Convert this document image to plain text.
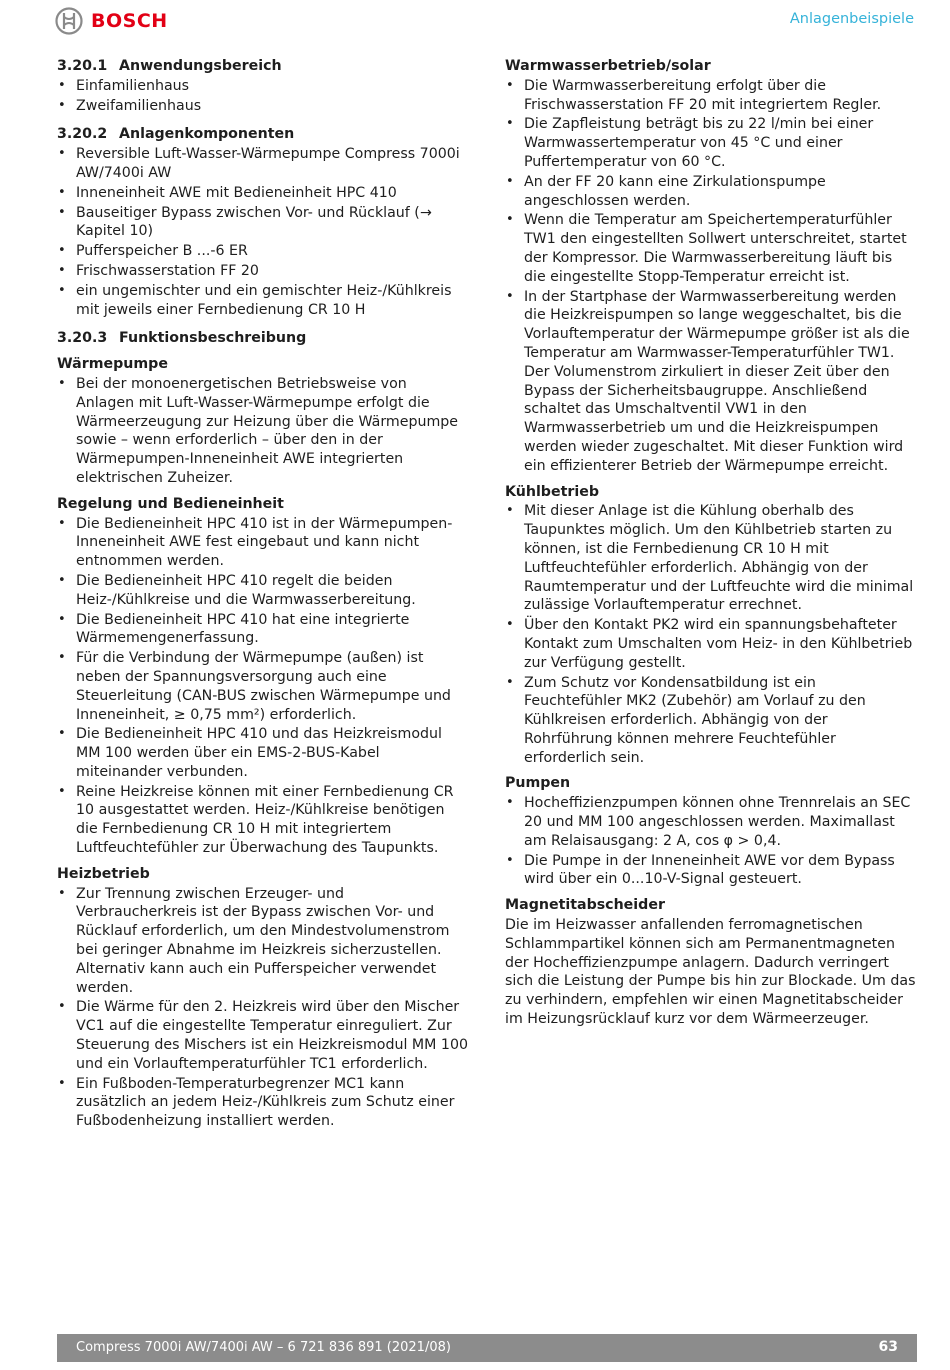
BOSCH	Anlagenbeispiele
3.20.1 Anwendungsbereich
• Einfamilienhaus
• Zweifamilienhaus
3.20.2 Anlagenkomponenten
• Reversible Luft-Wasser-Wärmepumpe Compress 7000i AW/7400i AW
• Inneneinheit AWE mit Bedieneinheit HPC 410
• Bauseitiger Bypass zwischen Vor- und Rücklauf (→ Kapitel 10)
• Pufferspeicher B ...-6 ER
• Frischwasserstation FF 20
• ein ungemischter und ein gemischter Heiz-/Kühlkreis mit jeweils einer Fernbedienung CR 10 H
3.20.3 Funktionsbeschreibung
Wärmepumpe
• Bei der monoenergetischen Betriebsweise von Anlagen mit Luft-Wasser-Wärmepumpe erfolgt die Wärmeerzeugung zur Heizung über die Wärmepumpe sowie – wenn erforderlich – über den in der Wärmepumpen-Inneneinheit AWE integrierten elektrischen Zuheizer.
Regelung und Bedieneinheit
• Die Bedieneinheit HPC 410 ist in der Wärmepumpen-Inneneinheit AWE fest eingebaut und kann nicht entnommen werden.
• Die Bedieneinheit HPC 410 regelt die beiden Heiz-/Kühlkreise und die Warmwasserbereitung.
• Die Bedieneinheit HPC 410 hat eine integrierte Wärmemengenerfassung.
• Für die Verbindung der Wärmepumpe (außen) ist neben der Spannungsversorgung auch eine Steuerleitung (CAN-BUS zwischen Wärmepumpe und Inneneinheit, ≥ 0,75 mm²) erforderlich.
• Die Bedieneinheit HPC 410 und das Heizkreismodul MM 100 werden über ein EMS-2-BUS-Kabel miteinander verbunden.
• Reine Heizkreise können mit einer Fernbedienung CR 10 ausgestattet werden. Heiz-/Kühlkreise benötigen die Fernbedienung CR 10 H mit integriertem Luftfeuchtefühler zur Überwachung des Taupunkts.
Heizbetrieb
• Zur Trennung zwischen Erzeuger- und Verbraucherkreis ist der Bypass zwischen Vor- und Rücklauf erforderlich, um den Mindestvolumenstrom bei geringer Abnahme im Heizkreis sicherzustellen. Alternativ kann auch ein Pufferspeicher verwendet werden.
• Die Wärme für den 2. Heizkreis wird über den Mischer VC1 auf die eingestellte Temperatur einreguliert. Zur Steuerung des Mischers ist ein Heizkreismodul MM 100 und ein Vorlauftemperaturfühler TC1 erforderlich.
• Ein Fußboden-Temperaturbegrenzer MC1 kann zusätzlich an jedem Heiz-/Kühlkreis zum Schutz einer Fußbodenheizung installiert werden.
Warmwasserbetrieb/solar
• Die Warmwasserbereitung erfolgt über die Frischwasserstation FF 20 mit integriertem Regler.
• Die Zapfleistung beträgt bis zu 22 l/min bei einer Warmwassertemperatur von 45 °C und einer Puffertemperatur von 60 °C.
• An der FF 20 kann eine Zirkulationspumpe angeschlossen werden.
• Wenn die Temperatur am Speichertemperaturfühler TW1 den eingestellten Sollwert unterschreitet, startet der Kompressor. Die Warmwasserbereitung läuft bis die eingestellte Stopp-Temperatur erreicht ist.
• In der Startphase der Warmwasserbereitung werden die Heizkreispumpen so lange weggeschaltet, bis die Vorlauftemperatur der Wärmepumpe größer ist als die Temperatur am Warmwasser-Temperaturfühler TW1. Der Volumenstrom zirkuliert in dieser Zeit über den Bypass der Sicherheitsbaugruppe. Anschließend schaltet das Umschaltventil VW1 in den Warmwasserbetrieb um und die Heizkreispumpen werden wieder zugeschaltet. Mit dieser Funktion wird ein effizienterer Betrieb der Wärmepumpe erreicht.
Kühlbetrieb
• Mit dieser Anlage ist die Kühlung oberhalb des Taupunktes möglich. Um den Kühlbetrieb starten zu können, ist die Fernbedienung CR 10 H mit Luftfeuchtefühler erforderlich. Abhängig von der Raumtemperatur und der Luftfeuchte wird die minimal zulässige Vorlauftemperatur errechnet.
• Über den Kontakt PK2 wird ein spannungsbehafteter Kontakt zum Umschalten vom Heiz- in den Kühlbetrieb zur Verfügung gestellt.
• Zum Schutz vor Kondensatbildung ist ein Feuchtefühler MK2 (Zubehör) am Vorlauf zu den Kühlkreisen erforderlich. Abhängig von der Rohrführung können mehrere Feuchtefühler erforderlich sein.
Pumpen
• Hocheffizienzpumpen können ohne Trennrelais an SEC 20 und MM 100 angeschlossen werden. Maximallast am Relaisausgang: 2 A, cos φ > 0,4.
• Die Pumpe in der Inneneinheit AWE vor dem Bypass wird über ein 0...10-V-Signal gesteuert.
Magnetitabscheider

Die im Heizwasser anfallenden ferromagnetischen Schlammpartikel können sich am Permanentmagneten der Hocheffizienzpumpe anlagern. Dadurch verringert sich die Leistung der Pumpe bis hin zur Blockade. Um das zu verhindern, empfehlen wir einen Magnetitabscheider im Heizungsrücklauf kurz vor dem Wärmeerzeuger.

Compress 7000i AW/7400i AW – 6 721 836 891 (2021/08)	63
